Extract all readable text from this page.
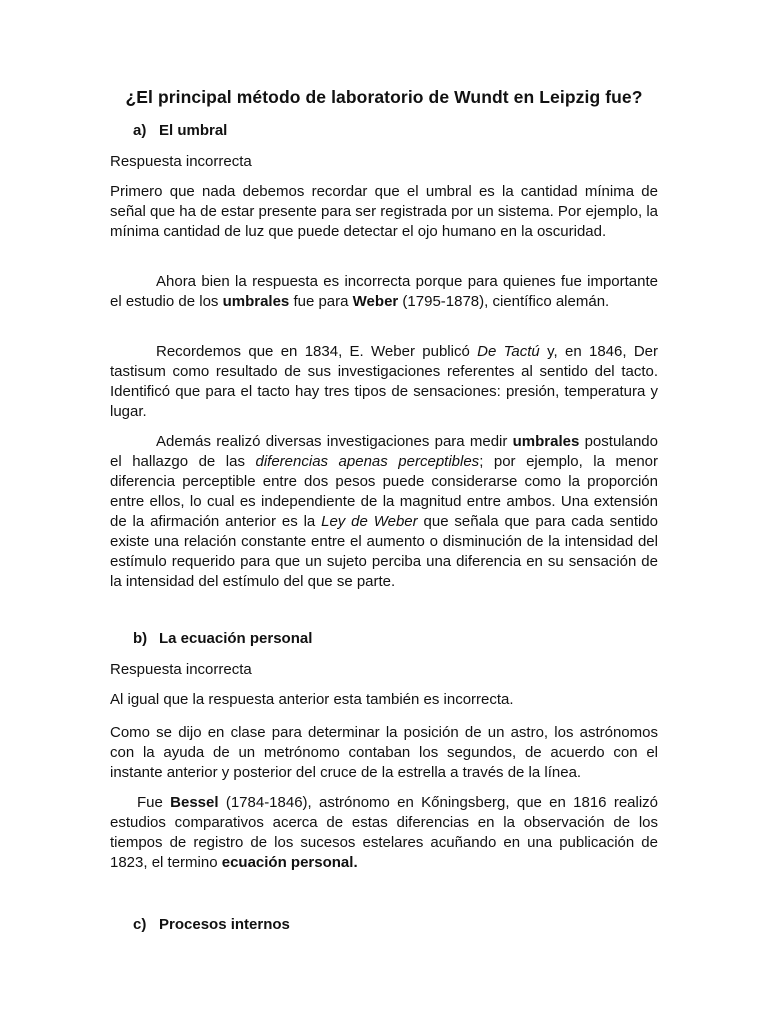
¿El principal método de laboratorio de Wundt en Leipzig fue?
a) El umbral

Respuesta incorrecta

Primero que nada debemos recordar que el umbral es la cantidad mínima de señal que ha de estar presente para ser registrada por un sistema. Por ejemplo, la mínima cantidad de luz que puede detectar el ojo humano en la oscuridad.

Ahora bien la respuesta es incorrecta porque para quienes fue importante el estudio de los umbrales fue para Weber (1795-1878), científico alemán.

Recordemos que en 1834, E. Weber publicó De Tactú y, en 1846, Der tastisum como resultado de sus investigaciones referentes al sentido del tacto. Identificó que para el tacto hay tres tipos de sensaciones: presión, temperatura y lugar.

Además realizó diversas investigaciones para medir umbrales postulando el hallazgo de las diferencias apenas perceptibles; por ejemplo, la menor diferencia perceptible entre dos pesos puede considerarse como la proporción entre ellos, lo cual es independiente de la magnitud entre ambos. Una extensión de la afirmación anterior es la Ley de Weber que señala que para cada sentido existe una relación constante entre el aumento o disminución de la intensidad del estímulo requerido para que un sujeto perciba una diferencia en su sensación de la intensidad del estímulo del que se parte.

b) La ecuación personal

Respuesta incorrecta

Al igual que la respuesta anterior esta también es incorrecta.

Como se dijo en clase para determinar la posición de un astro, los astrónomos con la ayuda de un metrónomo contaban los segundos, de acuerdo con el instante anterior y posterior del cruce de la estrella a través de la línea.

Fue Bessel (1784-1846), astrónomo en Kőningsberg, que en 1816 realizó estudios comparativos acerca de estas diferencias en la observación de los tiempos de registro de los sucesos estelares acuñando en una publicación de 1823, el termino ecuación personal.

c) Procesos internos
